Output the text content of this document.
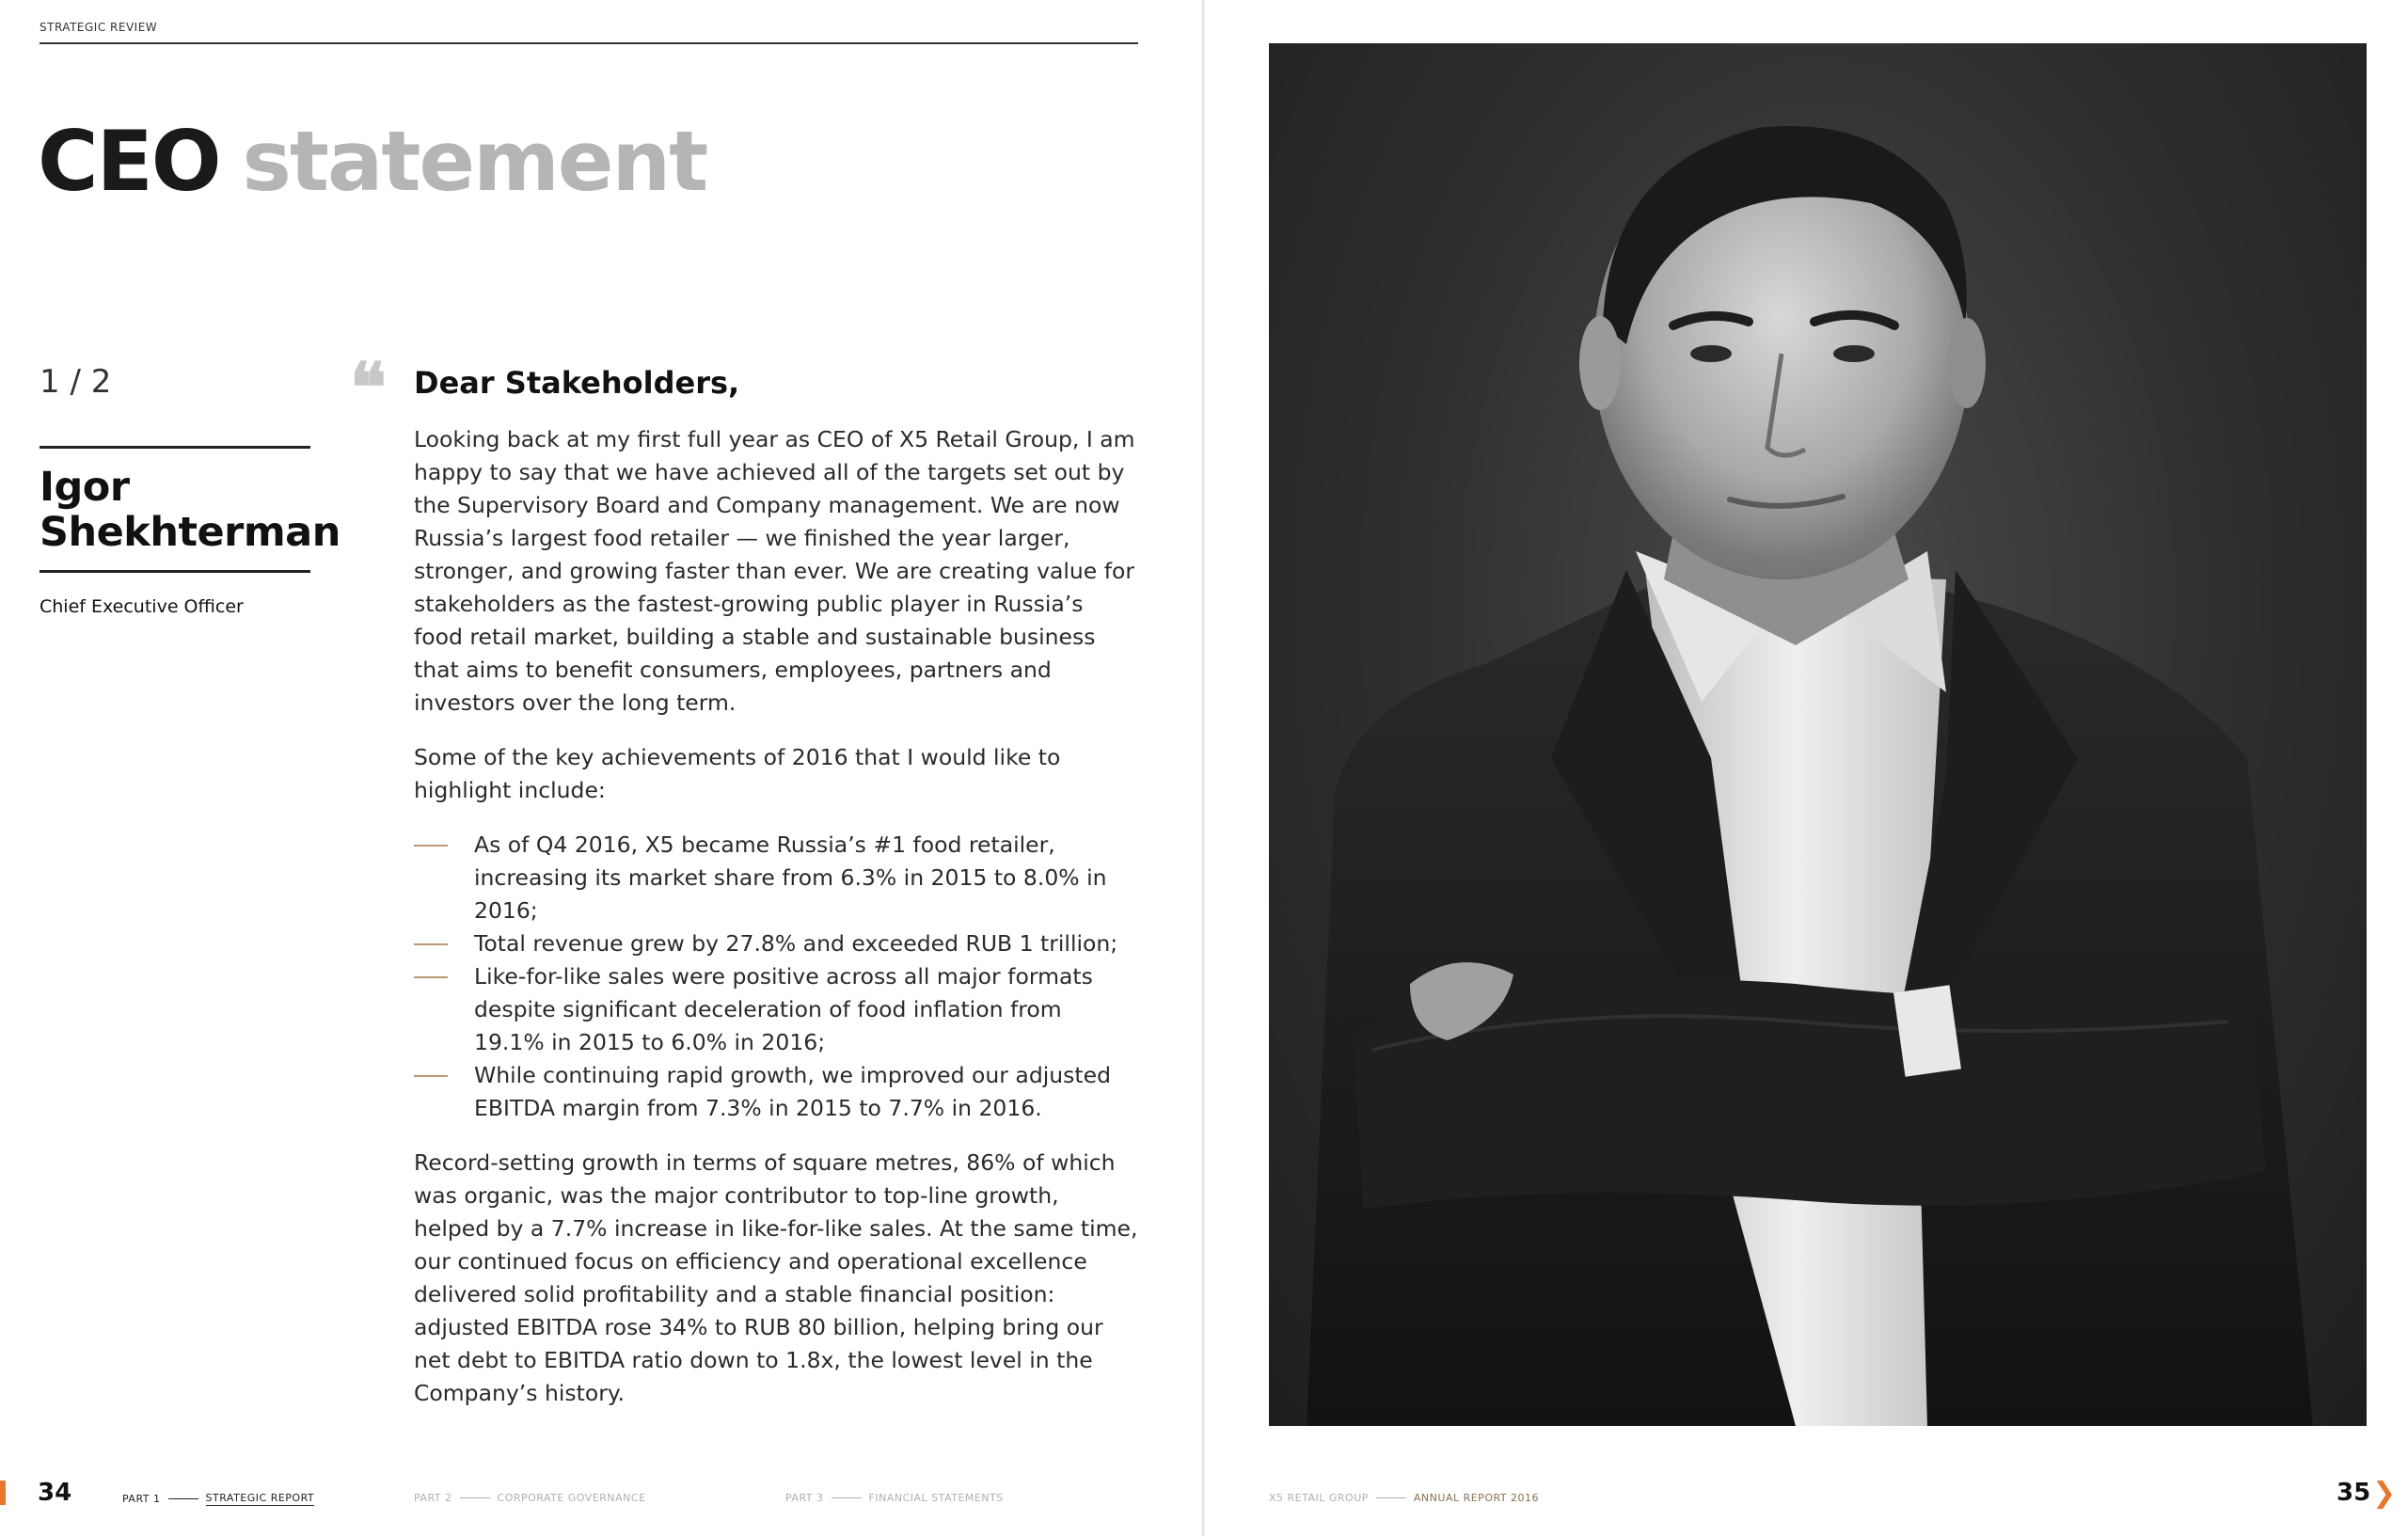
STRATEGIC REVIEW
CEO statement
1 / 2
Igor
Shekhterman
Chief Executive Officer
❝ Dear Stakeholders,

Looking back at my first full year as CEO of X5 Retail Group, I am happy to say that we have achieved all of the targets set out by the Supervisory Board and Company management. We are now Russia’s largest food retailer — we finished the year larger, stronger, and growing faster than ever. We are creating value for stakeholders as the fastest-growing public player in Russia’s food retail market, building a stable and sustainable business that aims to benefit consumers, employees, partners and investors over the long term.

Some of the key achievements of 2016 that I would like to highlight include:

As of Q4 2016, X5 became Russia’s #1 food retailer, increasing its market share from 6.3% in 2015 to 8.0% in 2016;
Total revenue grew by 27.8% and exceeded RUB 1 trillion;
Like-for-like sales were positive across all major formats despite significant deceleration of food inflation from 19.1% in 2015 to 6.0% in 2016;
While continuing rapid growth, we improved our adjusted EBITDA margin from 7.3% in 2015 to 7.7% in 2016.

Record-setting growth in terms of square metres, 86% of which was organic, was the major contributor to top-line growth, helped by a 7.7% increase in like-for-like sales. At the same time, our continued focus on efficiency and operational excellence delivered solid profitability and a stable financial position: adjusted EBITDA rose 34% to RUB 80 billion, helping bring our net debt to EBITDA ratio down to 1.8x, the lowest level in the Company’s history.

34	PART 1	STRATEGIC REPORT	PART 2	CORPORATE GOVERNANCE	PART 3	FINANCIAL STATEMENTS	X5 RETAIL GROUP	ANNUAL REPORT 2016	35 ❯
